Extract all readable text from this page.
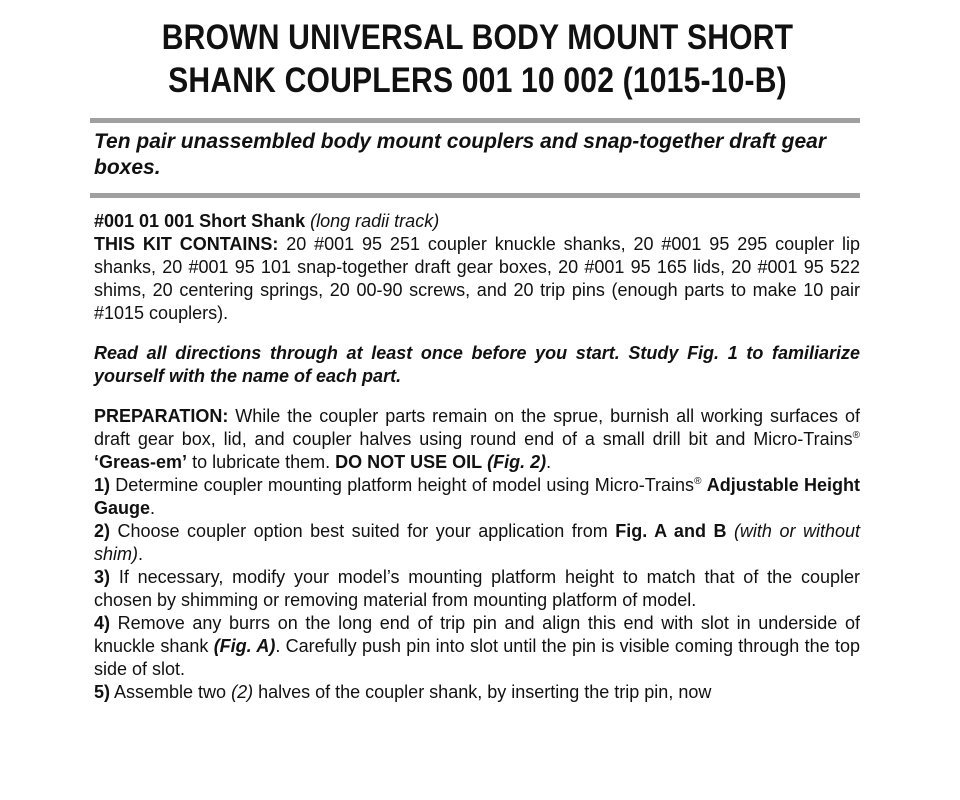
BROWN UNIVERSAL BODY MOUNT SHORT
SHANK COUPLERS 001 10 002 (1015-10-B)
Ten pair unassembled body mount couplers and snap-together draft gear boxes.

#001 01 001 Short Shank (long radii track)

THIS KIT CONTAINS: 20 #001 95 251 coupler knuckle shanks, 20 #001 95 295 coupler lip shanks, 20 #001 95 101 snap-together draft gear boxes, 20 #001 95 165 lids, 20 #001 95 522 shims, 20 centering springs, 20 00-90 screws, and 20 trip pins (enough parts to make 10 pair #1015 couplers).

Read all directions through at least once before you start. Study Fig. 1 to familiarize yourself with the name of each part.

PREPARATION: While the coupler parts remain on the sprue, burnish all working surfaces of draft gear box, lid, and coupler halves using round end of a small drill bit and Micro-Trains® ‘Greas-em’ to lubricate them. DO NOT USE OIL (Fig. 2).

1) Determine coupler mounting platform height of model using Micro-Trains® Adjustable Height Gauge.

2) Choose coupler option best suited for your application from Fig. A and B (with or without shim).

3) If necessary, modify your model’s mounting platform height to match that of the coupler chosen by shimming or removing material from mounting platform of model.

4) Remove any burrs on the long end of trip pin and align this end with slot in underside of knuckle shank (Fig. A). Carefully push pin into slot until the pin is visible coming through the top side of slot.

5) Assemble two (2) halves of the coupler shank, by inserting the trip pin, now
